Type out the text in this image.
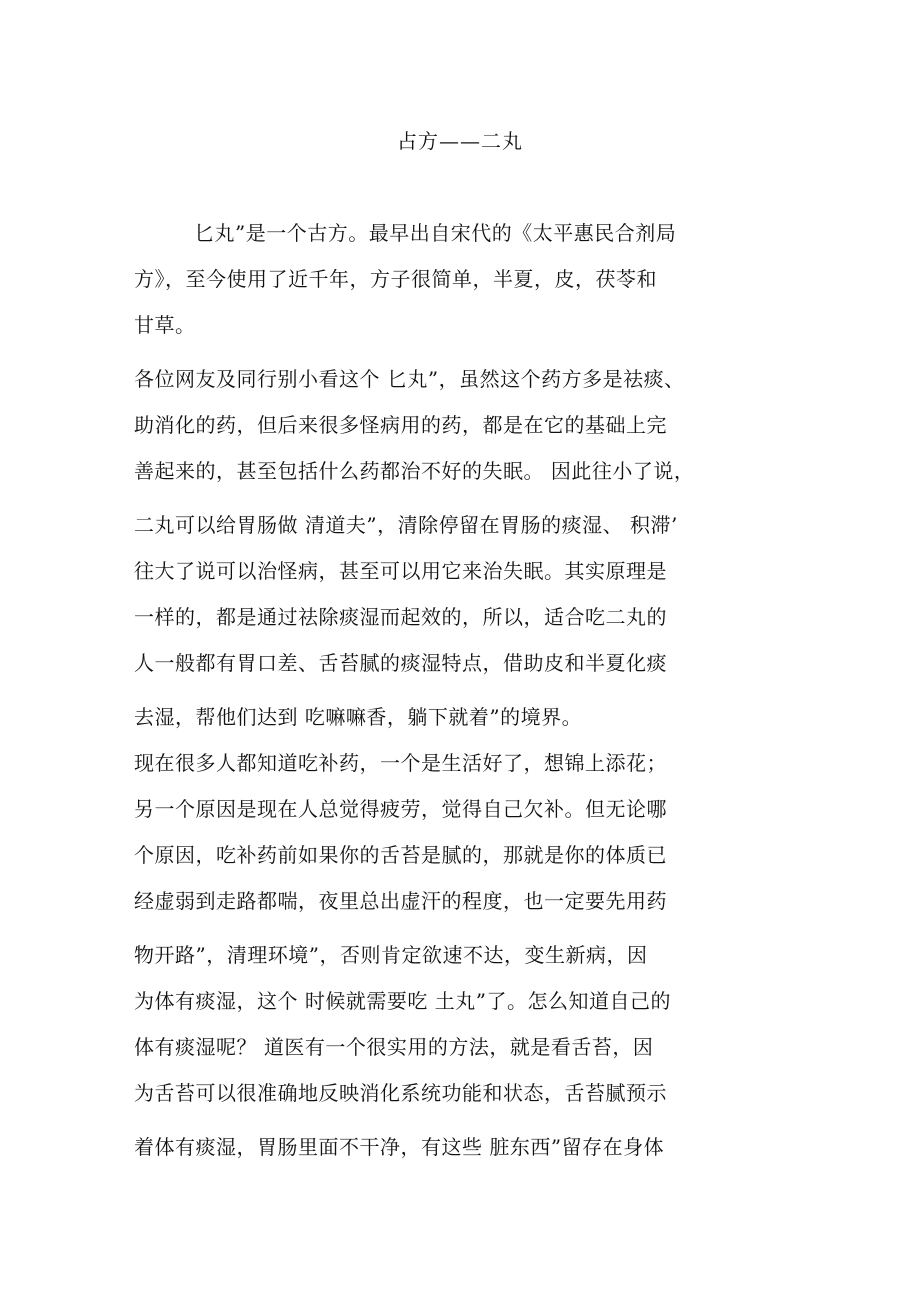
占方——二丸
匕丸”是一个古方。最早出自宋代的《太平惠民合剂局
方》，至今使用了近千年，方子很简单，半夏，皮，茯苓和
甘草。
各位网友及同行别小看这个 匕丸”，虽然这个药方多是祛痰、
助消化的药，但后来很多怪病用的药，都是在它的基础上完
善起来的，甚至包括什么药都治不好的失眠。 因此往小了说，
二丸可以给胃肠做 清道夫”，清除停留在胃肠的痰湿、 积滞’
往大了说可以治怪病，甚至可以用它来治失眠。其实原理是
一样的，都是通过祛除痰湿而起效的，所以，适合吃二丸的
人一般都有胃口差、舌苔腻的痰湿特点，借助皮和半夏化痰
去湿，帮他们达到 吃嘛嘛香，躺下就着”的境界。
现在很多人都知道吃补药，一个是生活好了，想锦上添花；
另一个原因是现在人总觉得疲劳，觉得自己欠补。但无论哪
个原因，吃补药前如果你的舌苔是腻的，那就是你的体质已
经虚弱到走路都喘，夜里总出虚汗的程度，也一定要先用药
物开路”，清理环境”，否则肯定欲速不达，变生新病，因
为体有痰湿，这个 时候就需要吃 土丸”了。怎么知道自己的
体有痰湿呢？ 道医有一个很实用的方法，就是看舌苔，因
为舌苔可以很准确地反映消化系统功能和状态，舌苔腻预示
着体有痰湿，胃肠里面不干净，有这些 脏东西”留存在身体
